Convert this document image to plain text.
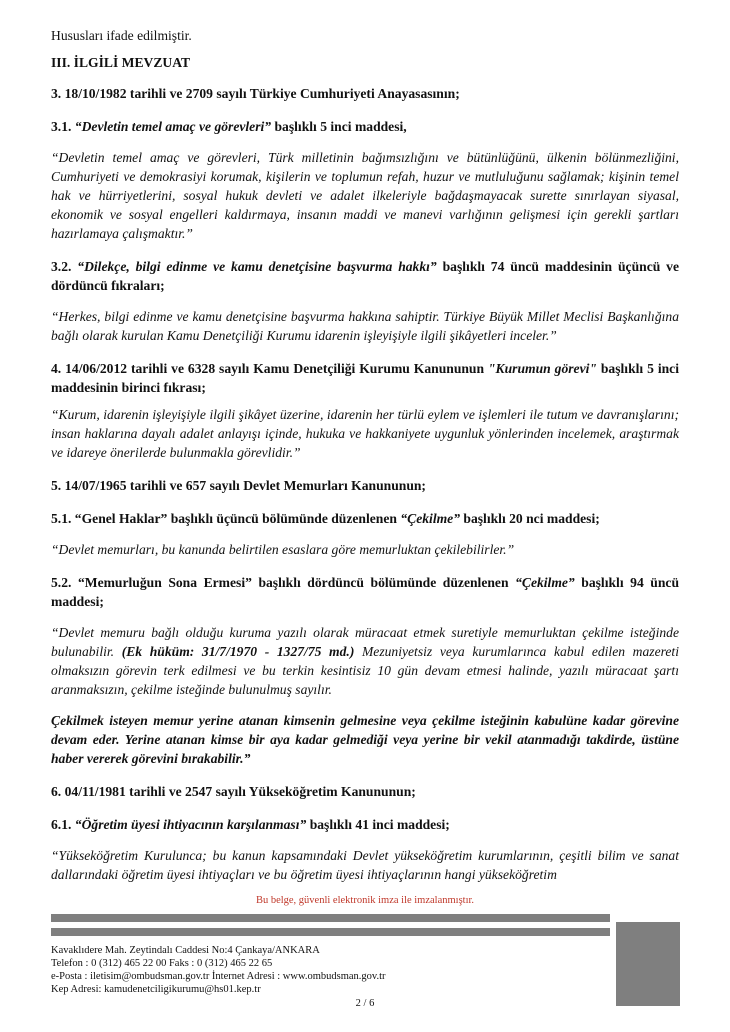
Hususları ifade edilmiştir.

III. İLGİLİ MEVZUAT

3. 18/10/1982 tarihli ve 2709 sayılı Türkiye Cumhuriyeti Anayasasının;

3.1. “Devletin temel amaç ve görevleri” başlıklı 5 inci maddesi,

“Devletin temel amaç ve görevleri, Türk milletinin bağımsızlığını ve bütünlüğünü, ülkenin bölünmezliğini, Cumhuriyeti ve demokrasiyi korumak, kişilerin ve toplumun refah, huzur ve mutluluğunu sağlamak; kişinin temel hak ve hürriyetlerini, sosyal hukuk devleti ve adalet ilkeleriyle bağdaşmayacak surette sınırlayan siyasal, ekonomik ve sosyal engelleri kaldırmaya, insanın maddi ve manevi varlığının gelişmesi için gerekli şartları hazırlamaya çalışmaktır.”

3.2. “Dilekçe, bilgi edinme ve kamu denetçisine başvurma hakkı” başlıklı 74 üncü maddesinin üçüncü ve dördüncü fıkraları;

“Herkes, bilgi edinme ve kamu denetçisine başvurma hakkına sahiptir. Türkiye Büyük Millet Meclisi Başkanlığına bağlı olarak kurulan Kamu Denetçiliği Kurumu idarenin işleyişiyle ilgili şikâyetleri inceler.”

4. 14/06/2012 tarihli ve 6328 sayılı Kamu Denetçiliği Kurumu Kanununun "Kurumun görevi" başlıklı 5 inci maddesinin birinci fıkrası;

“Kurum, idarenin işleyişiyle ilgili şikâyet üzerine, idarenin her türlü eylem ve işlemleri ile tutum ve davranışlarını; insan haklarına dayalı adalet anlayışı içinde, hukuka ve hakkaniyete uygunluk yönlerinden incelemek, araştırmak ve idareye önerilerde bulunmakla görevlidir.”

5. 14/07/1965 tarihli ve 657 sayılı Devlet Memurları Kanununun;

5.1. “Genel Haklar” başlıklı üçüncü bölümünde düzenlenen “Çekilme” başlıklı 20 nci maddesi;

“Devlet memurları, bu kanunda belirtilen esaslara göre memurluktan çekilebilirler.”

5.2. “Memurluğun Sona Ermesi” başlıklı dördüncü bölümünde düzenlenen “Çekilme” başlıklı 94 üncü maddesi;

“Devlet memuru bağlı olduğu kuruma yazılı olarak müracaat etmek suretiyle memurluktan çekilme isteğinde bulunabilir. (Ek hüküm: 31/7/1970 - 1327/75 md.) Mezuniyetsiz veya kurumlarınca kabul edilen mazereti olmaksızın görevin terk edilmesi ve bu terkin kesintisiz 10 gün devam etmesi halinde, yazılı müracaat şartı aranmaksızın, çekilme isteğinde bulunulmuş sayılır.

Çekilmek isteyen memur yerine atanan kimsenin gelmesine veya çekilme isteğinin kabulüne kadar görevine devam eder. Yerine atanan kimse bir aya kadar gelmediği veya yerine bir vekil atanmadığı takdirde, üstüne haber vererek görevini bırakabilir.”

6. 04/11/1981 tarihli ve 2547 sayılı Yükseköğretim Kanununun;

6.1. “Öğretim üyesi ihtiyacının karşılanması” başlıklı 41 inci maddesi;

“Yükseköğretim Kurulunca; bu kanun kapsamındaki Devlet yükseköğretim kurumlarının, çeşitli bilim ve sanat dallarındaki öğretim üyesi ihtiyaçları ve bu öğretim üyesi ihtiyaçlarının hangi yükseköğretim

Bu belge, güvenli elektronik imza ile imzalanmıştır.
Kavaklıdere Mah. Zeytindalı Caddesi No:4 Çankaya/ANKARA
Telefon : 0 (312) 465 22 00 Faks : 0 (312) 465 22 65
e-Posta : iletisim@ombudsman.gov.tr İnternet Adresi : www.ombudsman.gov.tr
Kep Adresi: kamudenetciligikurumu@hs01.kep.tr
2 / 6
